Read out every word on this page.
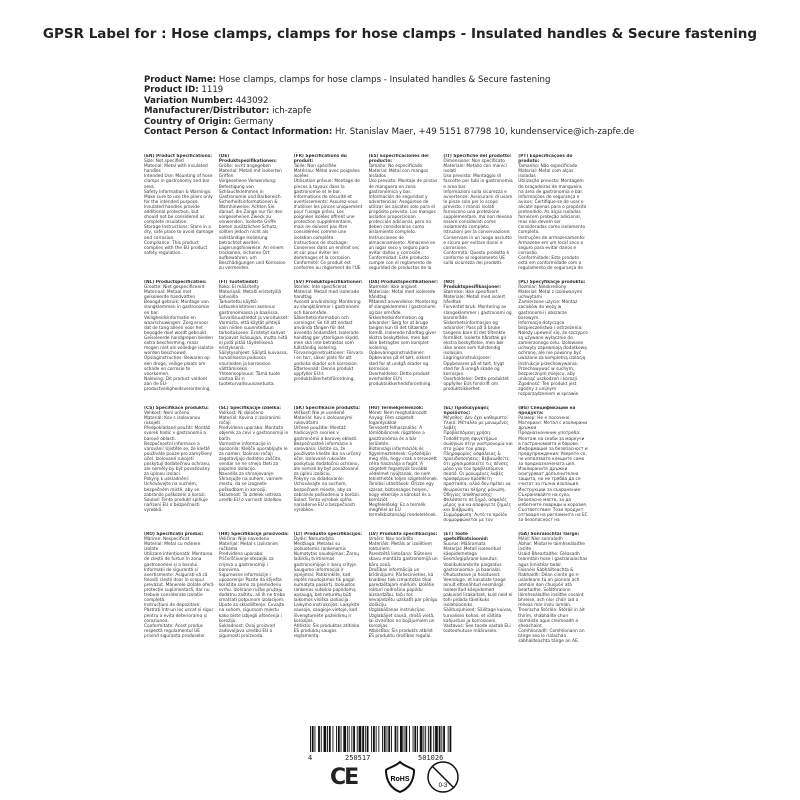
GPSR Label for : Hose clamps, clamps for hose clamps - Insulated handles & Secure fastening
Product Name: Hose clamps, clamps for hose clamps - Insulated handles & Secure fastening
Product ID: 1119
Variation Number: 443092
Manufacturer/Distributor: ich-zapfe
Country of Origin: Germany
Contact Person & Contact Information: Hr. Stanislav Maer, +49 5151 87798 10, kundenservice@ich-zapfe.de
(EN) Product Specifications:
Size: Not specified
Material: Metal with insulated handles
Intended Use: Mounting of hose clamps in gastronomy and bar area.
Safety Information & Warnings: Make sure to use the pliers only for the intended purpose. Insulated handles provide additional protection, but should not be considered as complete insulation.
Storage Instructions: Store in a dry, safe place to avoid damage and corrosion.
Compliance: This product complies with the EU product safety regulation.
(DE) Produktspezifikationen:
Größe: nicht angegeben
Material: Metall mit isolierten Griffen
Vorgesehene Verwendung: Befestigung von Schlauchklemmen in Gastronomie und Barbereich.
Sicherheitsinformationen & Warnhinweise: Achten Sie darauf, die Zange nur für den vorgesehenen Zweck zu verwenden. Isolierte Griffe bieten zusätzlichen Schutz, sollten jedoch nicht als vollständige Isolierung betrachtet werden.
Lagerungshinweise: An einem trockenen, sicheren Ort aufbewahren, um Beschädigungen und Korrosion zu vermeiden.

(FR) Spécifications du produit:
Taille: Non spécifiée
Matériau: Métal avec poignées isolées
Utilisation prévue: Montage de pinces à tuyaux dans la gastronomie et le bar.
Informations de sécurité et avertissements: Assurez-vous d'utiliser les pinces uniquement pour l'usage prévu. Les poignées isolées offrent une protection supplémentaire, mais ne doivent pas être considérées comme une isolation complète.
Instructions de stockage: Conserver dans un endroit sec et sûr pour éviter les dommages et la corrosion.
Conformité: Ce produit est conforme au règlement de l'UE
(ES) Especificaciones del producto:
Tamaño: No especificado
Material: Metal con mangos aislados
Uso previsto: Montaje de pinzas de manguera en zona gastronómica y bar.
Información de seguridad y advertencias: Asegúrese de utilizar los alicates solo para el propósito previsto. Los mangos aislados proporcionan protección adicional, pero no deben considerarse como aislamiento completo.
Instrucciones de almacenamiento: Almacene en un lugar seco y seguro para evitar daños y corrosión.
Conformidad: Este producto cumple con el reglamento de seguridad de productos de la
(IT) Specifiche del prodotto:
Dimensione: Non specificato
Materiale: Metallo con manici isolati
Uso previsto: Montaggio di fascette per tubi in gastronomia e area bar.
Informazioni sulla sicurezza e avvertenze: Assicurarsi di usare le pinze solo per lo scopo previsto. I manici isolati forniscono una protezione supplementare, ma non devono essere considerati come isolamento completo.
Istruzioni per la conservazione: Conservare in un luogo asciutto e sicuro per evitare danni e corrosione.
Conformità: Questo prodotto è conforme al regolamento UE sulla sicurezza dei prodotti.
(PT) Especificações do produto:
Tamanho: Não especificado
Material: Metal com alças isoladas
Utilização prevista: Montagem de braçadeiras de mangueira na área de gastronomia e bar.
Informações de segurança e avisos: Certifique-se de usar o alicate apenas para o propósito pretendido. As alças isoladas fornecem proteção adicional, mas não devem ser consideradas como isolamento completo.
Instruções de armazenamento: Armazene em um local seco e seguro para evitar danos e corrosão.
Conformidade: Este produto está em conformidade com o regulamento de segurança de
(NL) Productspecificaties:
Grootte: Niet gespecificeerd
Materiaal: Metaal met geïsoleerde handvatten
Beoogd gebruik: Montage van slangklemmen in gastronomie en bar.
Veiligheidsinformatie en waarschuwingen: Zorg ervoor dat de tang alleen voor het beoogde doel wordt gebruikt. Geïsoleerde handgrepen bieden extra bescherming, maar mogen niet als volledige isolatie worden beschouwd.
Opslaginstructies: Bewaren op een droge, veilige plaats om schade en corrosie te voorkomen.
Naleving: Dit product voldoet aan de EU-productveiligheidsverordening.
(FI) Tuotetiedot:
Koko: Ei määritelty
Materiaali: Metalli eristetyillä kahvoilla
Tarkoitettu käyttö: Letkunkiristimien asennus gastronomiassa ja baarissa.
Turvallisuustiedot ja varoitukset: Varmista, että käytät pihtejä vain niiden suunniteltuun tarkoitukseen. Eristetyt kahvat tarjoavat lisäsuojaa, mutta niitä ei pidä pitää täydellisenä eristyksenä.
Säilytysohjeet: Säilytä kuivassa, turvallisessa paikassa vaurioiden ja korroosion välttämiseksi.
Yhteensopivuus: Tämä tuote vastaa EU:n tuoteturvallisuusasetusta.
(SV) Produktspecifikationer:
Storlek: Inte specificerat
Material: Metall med isolerade handtag
Avsedd användning: Montering av slangklämmor i gastronomi och barområde.
Säkerhetsinformation och varningar: Se till att endast använda tången för det avsedda ändamålet. Isolerade handtag ger ytterligare skydd, men ska inte betraktas som fullständig isolering.
Förvaringsinstruktioner: Förvara i en torr, säker plats för att undvika skador och korrosion.
Efterlevnad: Denna produkt uppfyller EU:s produktsäkerhetsförordning.
(DA) Produktspecifikationer:
Størrelse: Ikke angivet
Materiale: Metal med isolerede håndtag
Påtænkt anvendelse: Montering af slangeklemmer i gastronomi og bar område.
Sikkerhedsinformation og advarsler: Sørg for at bruge tangen kun til det tiltænkte formål. Isolerede håndtag giver ekstra beskyttelse, men bør ikke betragtes som komplet isolering.
Opbevaringsinstruktioner: Opbevares på et tørt, sikkert sted for at undgå skader og korrosion.
Overholdelse: Dette produkt overholder EU's produktsikkerhedsforordning.
(NO) Produktspesifikasjoner:
Størrelse: Ikke spesifisert
Materiale: Metall med isolert håndtak
Forventet bruk: Montering av slangeklemmer i gastronomi og barområde.
Sikkerhetsinformasjon og advarsler: Pass på å bruke tangene bare til det tiltenkte formålet. Isolerte håndtak gir ekstra beskyttelse, men bør ikke anses som fullstendig isolasjon.
Lagringsinstruksjoner: Oppbevares på et tørt, trygt sted for å unngå skade og korrosjon.
Overholdelse: Dette produktet oppfyller EUs forskrift om produktsikkerhet.
(PL) Specyfikacje produktu:
Rozmiar: Nieokreślony
Materiał: Metal z izolowanymi uchwytami
Zamierzone użycie: Montaż zacisków do węży w gastronomii i obszarze barowym.
Informacje dotyczące bezpieczeństwa i ostrzeżenia: Należy upewnić się, że szczypce są używane wyłącznie do zamierzonego celu. Izolowane uchwyty zapewniają dodatkową ochronę, ale nie powinny być uważane za kompletną izolację.
Instrukcje przechowywania: Przechowywać w suchym, bezpiecznym miejscu, aby uniknąć uszkodzeń i korozji.
Zgodność: Ten produkt jest zgodny z unijnym rozporządzeniem w sprawie
(CS) Specifikace produktu:
Velikost: Není určeno
Materiál: Kov s izolovanou rukojetí
Předpokládané použití: Montáž svorek hadic v gastronomii a barové oblasti.
Bezpečnostní informace a varování: Ujistěte se, že kleště používáte pouze pro zamýšlený účel. Izolované rukojeti poskytují dodatečnou ochranu, ale neměly by být považovány za úplnou izolaci.
Pokyny k uskladnění: Uchovávejte na suchém, bezpečném místě, aby se zabránilo poškození a korozi.
Soulad: Tento produkt splňuje nařízení EU o bezpečnosti výrobků.
(SL) Specifikacije izdelka:
Velikost: Ni določeno
Material: Kovina z izoliranimi ročaji
Predvidena uporaba: Montaža objemk za cevi v gastronomiji in barih.
Varnostne informacije in opozorila: Klešče uporabljajte le za namen. Izolirani ročaji zagotavljajo dodatno zaščito, vendar se ne smejo šteti za popolno izolacijo.
Navodila za shranjevanje: Shranjujte na suhem, varnem mestu, da se izognete poškodbam in koroziji.
Skladnost: Ta izdelek ustreza uredbi EU o varnosti izdelkov.
(SK) Špecifikácie produktu:
Veľkosť: Nie je uvedené
Materiál: Kov s izolovanými rukoväťami
Určené použitie: Montáž hadicových svoriek v gastronómii a barovej oblasti.
Bezpečnostné informácie a varovania: Uistite sa, že používate kliešte iba na určený účel. Izolované rukoväte poskytujú dodatočnú ochranu, ale nemali by byť považované za úplnú izoláciu.
Pokyny na skladovanie: Uchovávajte na suchom, bezpečnom mieste, aby sa zabránilo poškodeniu a korózii.
Súlad: Tento výrobok spĺňa nariadenie EÚ o bezpečnosti výrobkov.
(HU) Termékjellemzők:
Méret: Nem meghatározott
Anyag: Fém szigetelt fogantyúkkal
Tervezett felhasználás: A tömlőbilincsek rögzítése a gasztronómia és a bár területén.
Biztonsági információk és figyelmeztetések: Győződjön meg róla, hogy csak a tervezett célra használja a fogót. A szigetelt fogantyúk további védelmet nyújtanak, de nem tekinthetők teljes szigetelésnek.
Tárolási utasítások: Őrizze egy száraz, biztonságos helyen, hogy elkerülje a károkat és a korróziót.
Megfelelőség: Ez a termék megfelel az EU termékbiztonsági rendeletének.
(EL) Προδιαγραφές προϊόντος:
Μέγεθος: Δεν έχει καθοριστεί
Υλικό: Μέταλλο με μονωμένες λαβές
Προβλεπόμενη χρήση: Τοποθέτηση σφιγκτήρων σωλήνων στην γαστρονομία και στο χώρο του μπαρ.
Πληροφορίες ασφάλειας & προειδοποιήσεις: Βεβαιωθείτε ότι χρησιμοποιείτε τις πένσες μόνο για τον προβλεπόμενο σκοπό. Οι μονωμένες λαβές προσφέρουν πρόσθετη προστασία, αλλά δεν πρέπει να θεωρούνται πλήρης μόνωση.
Οδηγίες αποθήκευσης: Φυλάσσετε σε ξηρό, ασφαλές μέρος για να αποφύγετε ζημιές και διάβρωση.
Συμμόρφωση: Αυτό το προϊόν συμμορφώνεται με τον
(BG) Спецификации на продукта:
Размер: Не е посочено
Материал: Метал с изолирани дръжки
Предназначение употреба: Монтаж на скоби за маркучи в гастрономията и барове.
Информация за безопасност и предупреждения: Уверете се, че използвате клещите само за предназначената цел. Изолираните дръжки осигуряват допълнителна защита, но не трябва да се считат за пълна изолация.
Инструкции за съхранение: Съхранявайте на сухо, безопасно място, за да избегнете повреди и корозия.
Съответствие: Този продукт отговаря на регламента на ЕС за безопасност на
(RO) Specificații produs:
Mărime: Nespecificat
Material: Metal cu mânere izolate
Utilizare intenționată: Montarea de cleștii de furtun în zona gastronomiei și a barului.
Informații de siguranță și avertismente: Asigurați-vă că folosiți cleștii doar în scopul prevăzut. Mânerele izolate oferă protecție suplimentară, dar nu trebuie considerate izolație completă.
Instrucțiuni de depozitare: Păstrați într-un loc uscat și sigur pentru a evita deteriorarea și coroziunea.
Conformitate: Acest produs respectă regulamentul UE privind siguranța produselor.
(HR) Specifikacije proizvoda:
Veličina: Nije navedeno
Materijal: Metal s izoliranim ručkama
Predviđena uporaba: Pričvršćivanje stezaljki za crijeva u gastronomiji i barovima.
Sigurnosne informacije i upozorenja: Pazite da kliješta koristite samo za predviđenu svrhu. Izolirane ručke pružaju dodatnu zaštitu, ali ih ne treba smatrati potpunom izolacijom.
Upute za skladištenje: Čuvajte na suhom, sigurnom mjestu kako biste izbjegli oštećenja i koroziju.
Sukladnost: Ovaj proizvod zadovoljava uredbu EU o sigurnosti proizvoda.
(LT) Produkto specifikacijos:
Dydis: Nenurodyta
Medžiaga: Metalas su izoliuotomis rankenomis
Numatytas naudojimas: Žarnų laikiklių tvirtinimas gastronomijoje ir barų srityje.
Saugumo informacija ir įspėjimai: Patikrinkite, kad replės naudojamos tik pagal numatytą paskirtį. Izoliuotos rankenos suteikia papildomą apsaugą, bet neturėtų būti laikomos visiška izoliacija.
Laikymo instrukcijos: Laikykite sausoje, saugioje vietoje, kad išvengtumėte pažeidimų ir korozijos.
Atitiktis: Šis produktas atitinka ES produktų saugos reglamentą.
(LV) Produkta specifikācijas:
Izmērs: Nav norādīts
Materiāls: Metāls ar izolētiem rokturiem
Paredzētā lietošana: Šļūtenes skavu montāža gastronomijā un bāru zonā.
Drošības informācija un brīdinājumi: Pārliecinieties, ka knaibles tiek izmantotas tikai paredzētajam mērķim. Izolētie rokturi nodrošina papildu aizsardzību, taču tos nevajadzētu uzskatīt par pilnīgu izolāciju.
Uzglabāšanas instrukcijas: Uzglabājiet sausā, drošā vietā, lai izvairītos no bojājumiem un korozijas.
Atbilstība: Šis produkts atbilst ES produktu drošības regulai.
(ET) Toote spetsifikatsioonid:
Suurus: Määramata
Materjal: Metall isoleeritud käepidemetega
Eesmärgipärane kasutus: Voolikuklambrite paigaldus gastronoomia- ja baarialal.
Ohutusteave ja hoiatused: Veenduge, et kasutate tange ainult ettenähtud eesmärgil. Isoleeritud käepidemed pakuvad lisakaitset, kuid neid ei tohi pidada täielikuks isolatsiooniks.
Säilitusjuhised: Säilitage kuivas, turvalises kohas, et vältida kahjustusi ja korrosiooni.
Vastavus: See toode vastab ELi tooteohutuse määrusele.
(GA) Sonraíochtaí Táirge:
Méid: Níor sonraíodh
Ábhar: Miotal le láimhseálaithe inslite
Úsáid Bheartaithe: Gléasadh teanntáin hose i gastranaíochas agus limistéar beáir.
Faisnéis Sábháilteachta & Rabhaidh: Déan cinnte go n-úsáideann tú an pionnaí ach amháin don chuspóir atá beartaithe. Soláthraíonn láimhseálaithe inslithe cosaint bhreise, ach níor chóir iad a mheas mar inslú iomlán.
Treoracha Stórála: Stóráil in áit thirim, shábháilte chun damáiste agus creimeadh a sheachaint.
Comhlíonadh: Comhlíonann an táirge seo le rialachán sábháilteachta táirge an AE.
4	250517	501026
CE	RoHS
0-3
